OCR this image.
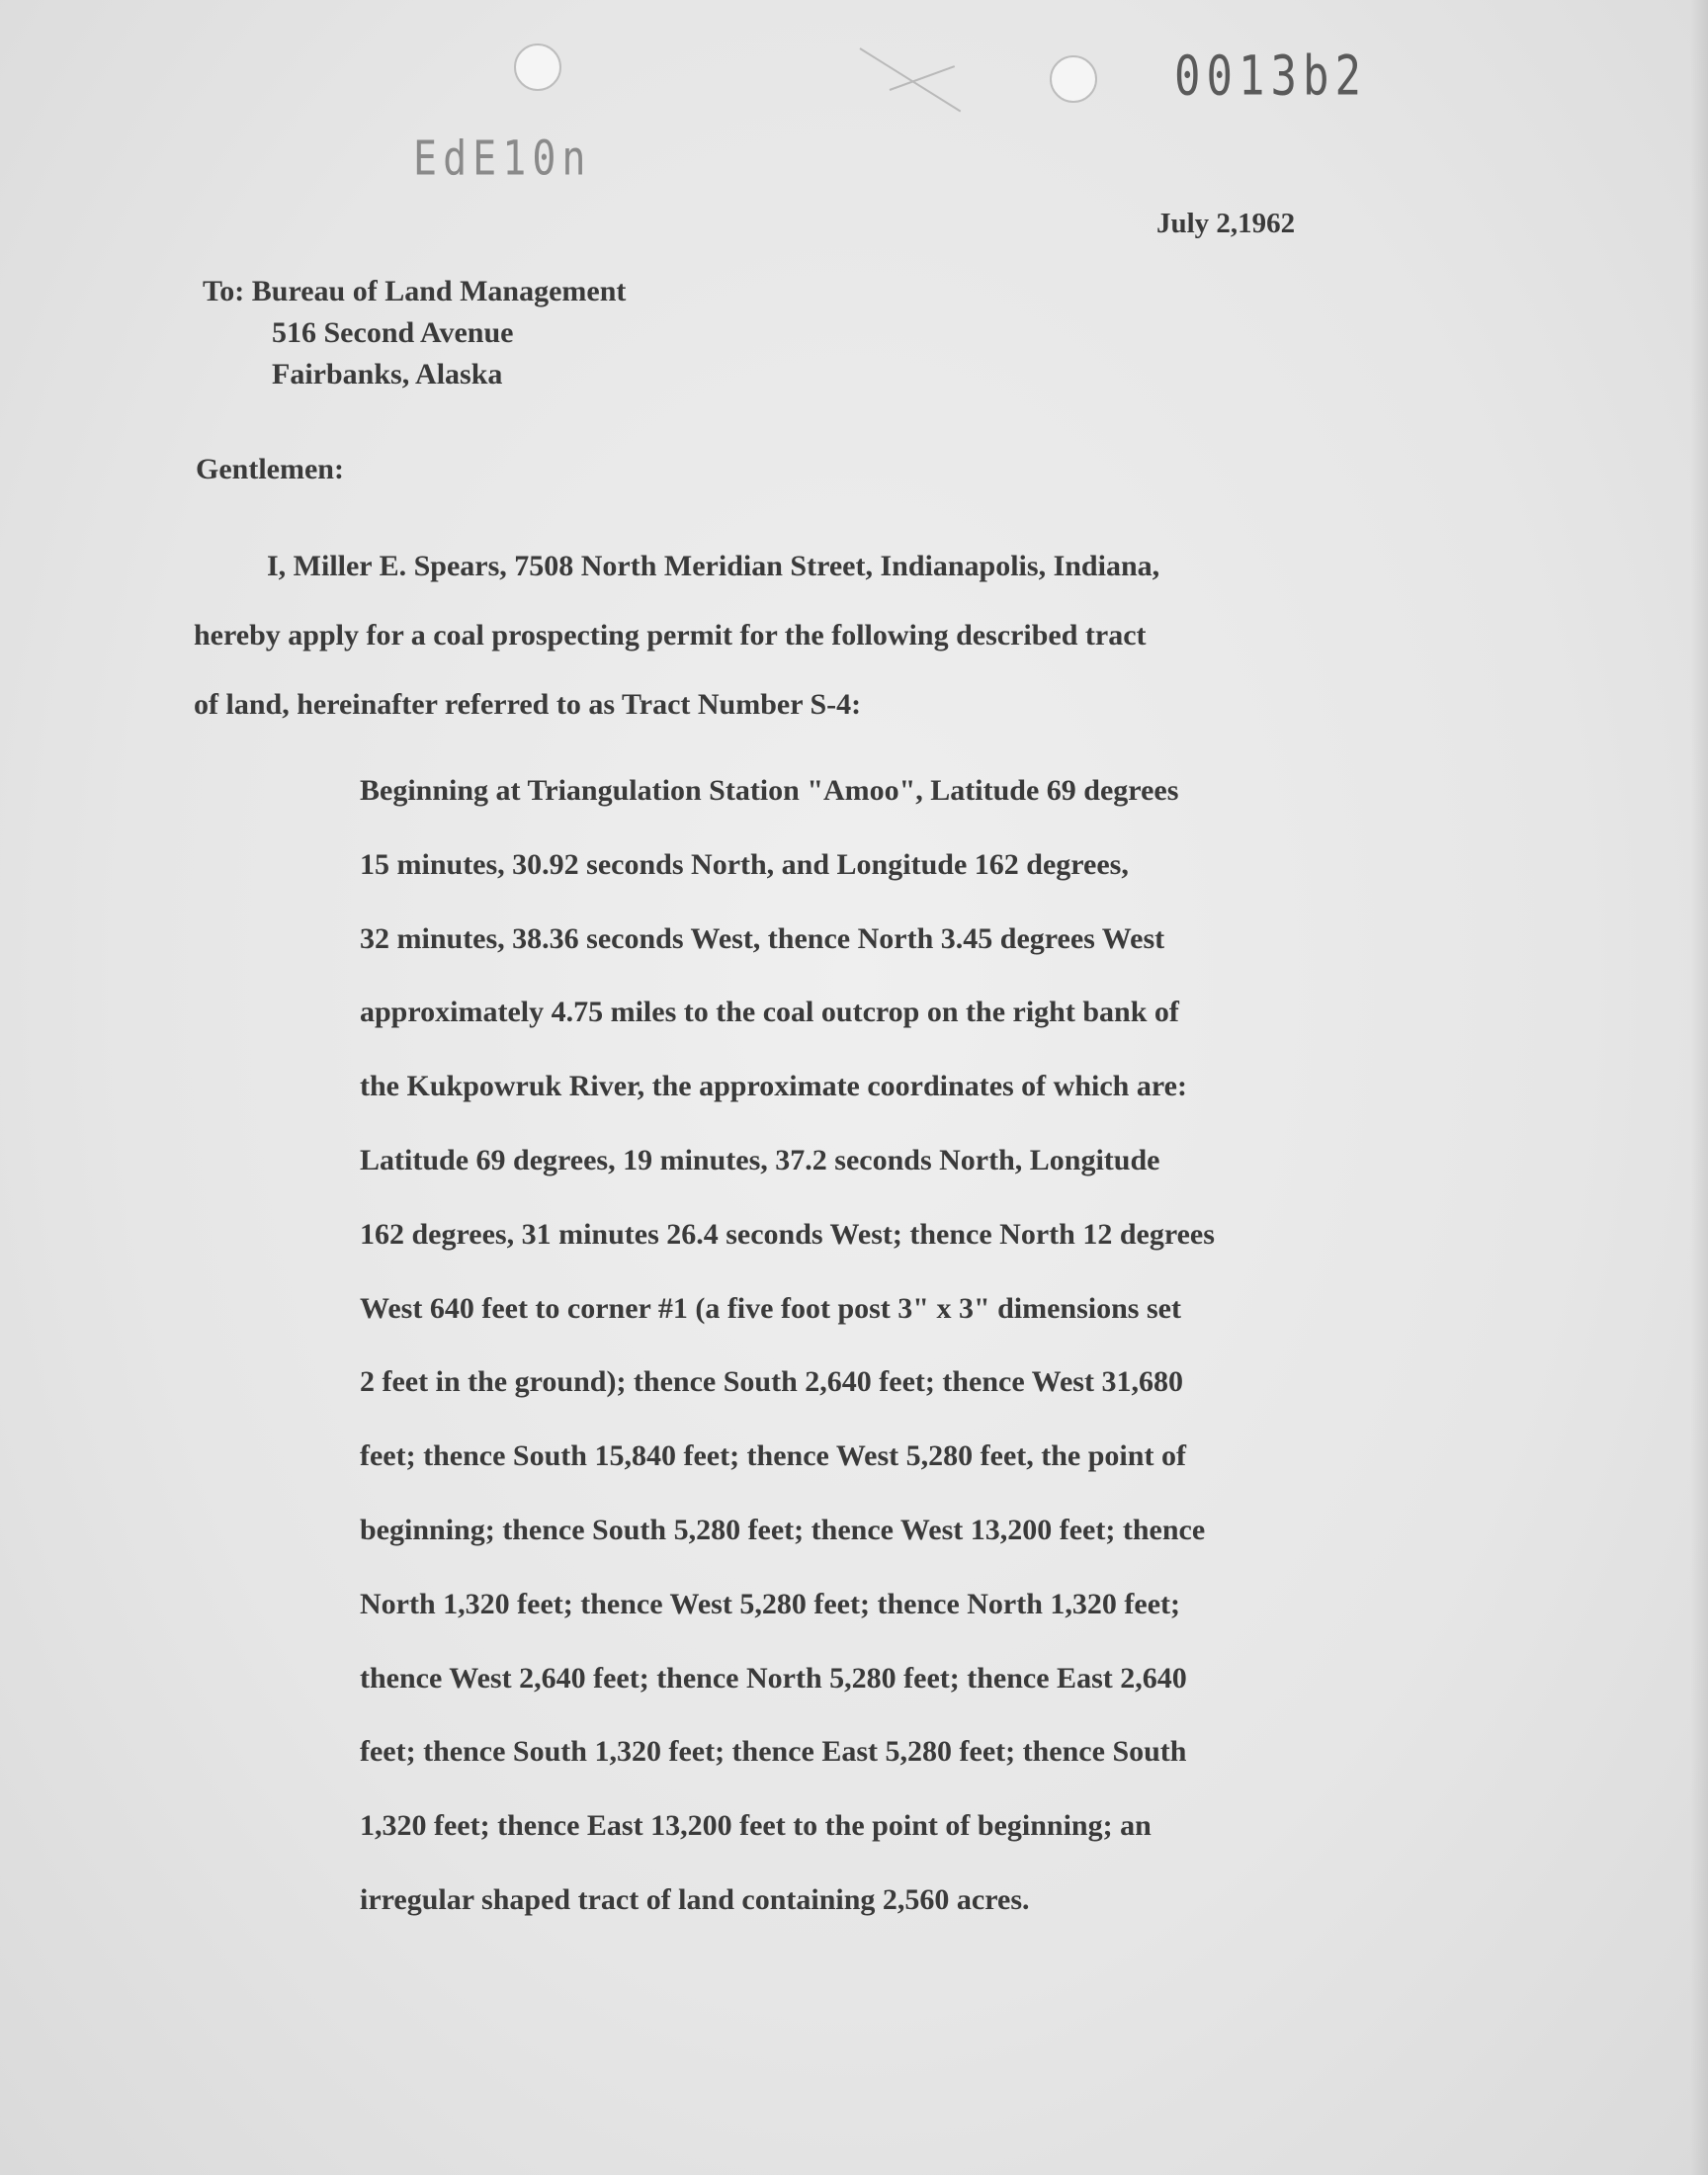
0013b2
EdE10n
July 2,1962
To: Bureau of Land Management
516 Second Avenue
Fairbanks, Alaska
Gentlemen:
I, Miller E. Spears, 7508 North Meridian Street, Indianapolis, Indiana,
hereby apply for a coal prospecting permit for the following described tract
of land, hereinafter referred to as Tract Number S-4:
Beginning at Triangulation Station "Amoo", Latitude 69 degrees
15 minutes, 30.92 seconds North, and Longitude 162 degrees,
32 minutes, 38.36 seconds West, thence North 3.45 degrees West
approximately 4.75 miles to the coal outcrop on the right bank of
the Kukpowruk River, the approximate coordinates of which are:
Latitude 69 degrees, 19 minutes, 37.2 seconds North, Longitude
162 degrees, 31 minutes 26.4 seconds West; thence North 12 degrees
West 640 feet to corner #1 (a five foot post 3" x 3" dimensions set
2 feet in the ground); thence South 2,640 feet; thence West 31,680
feet; thence South 15,840 feet; thence West 5,280 feet, the point of
beginning; thence South 5,280 feet; thence West 13,200 feet; thence
North 1,320 feet; thence West 5,280 feet; thence North 1,320 feet;
thence West 2,640 feet; thence North 5,280 feet; thence East 2,640
feet; thence South 1,320 feet; thence East 5,280 feet; thence South
1,320 feet; thence East 13,200 feet to the point of beginning; an
irregular shaped tract of land containing 2,560 acres.
